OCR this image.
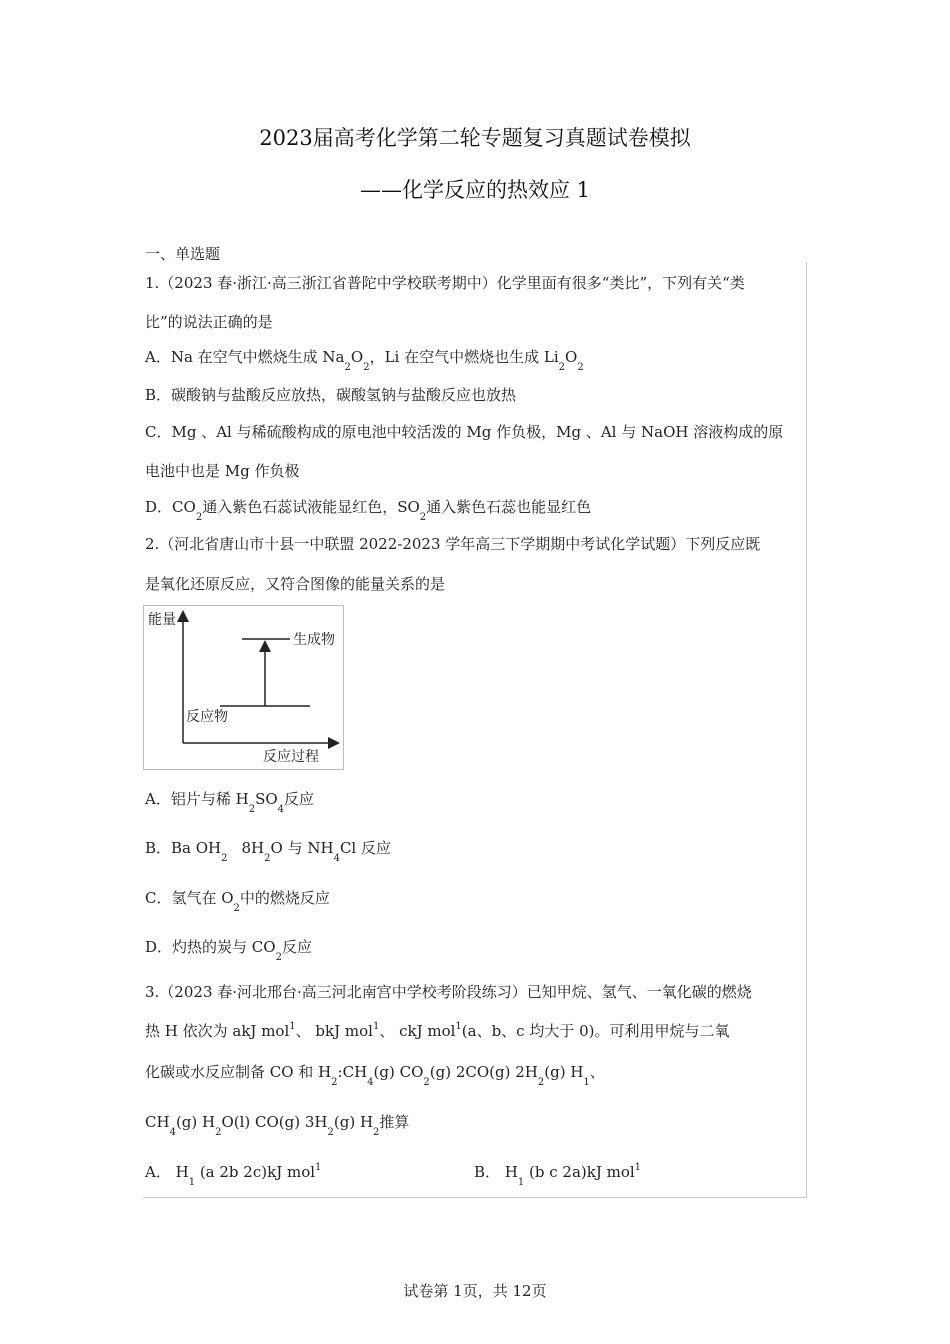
2023届高考化学第二轮专题复习真题试卷模拟
——化学反应的热效应 1
一、单选题
1.（2023 春·浙江·高三浙江省普陀中学校联考期中）化学里面有很多“类比”，下列有关“类
比”的说法正确的是
A．Na 在空气中燃烧生成 $Na_2O_2$，Li 在空气中燃烧也生成 $Li_2O_2$
B．碳酸钠与盐酸反应放热，碳酸氢钠与盐酸反应也放热
C．Mg 、Al 与稀硫酸构成的原电池中较活泼的 Mg 作负极，Mg 、Al 与 NaOH 溶液构成的原
电池中也是 Mg 作负极
D．$CO_2$通入紫色石蕊试液能显红色，$SO_2$通入紫色石蕊也能显红色
2.（河北省唐山市十县一中联盟 2022-2023 学年高三下学期期中考试化学试题）下列反应既
是氧化还原反应，又符合图像的能量关系的是
能量
生成物
反应物
反应过程
A．铝片与稀 $H_2SO_4$反应
B．Ba $OH_28H_2O$ 与 $NH_4Cl$ 反应
C．氢气在 $O_2$中的燃烧反应
D．灼热的炭与 $CO_2$反应
3.（2023 春·河北邢台·高三河北南宫中学校考阶段练习）已知甲烷、氢气、一氧化碳的燃烧
热 H 依次为 akJ mol$^1$、 bkJ mol$^1$、 ckJ mol$^1$(a、b、c 均大于 0)。可利用甲烷与二氧
化碳或水反应制备 CO 和 $H_2:CH_4(g)$ $CO_2(g)$ 2CO(g) $2H_2(g)$ $H_1$、
$CH_4(g)$ $H_2O(l)$ CO(g) $3H_2(g)$ $H_2$推算
A． $H_1$ (a 2b 2c)kJ mol$^1$	B． $H_1$ (b c 2a)kJ mol$^1$
试卷第 1页，共 12页
